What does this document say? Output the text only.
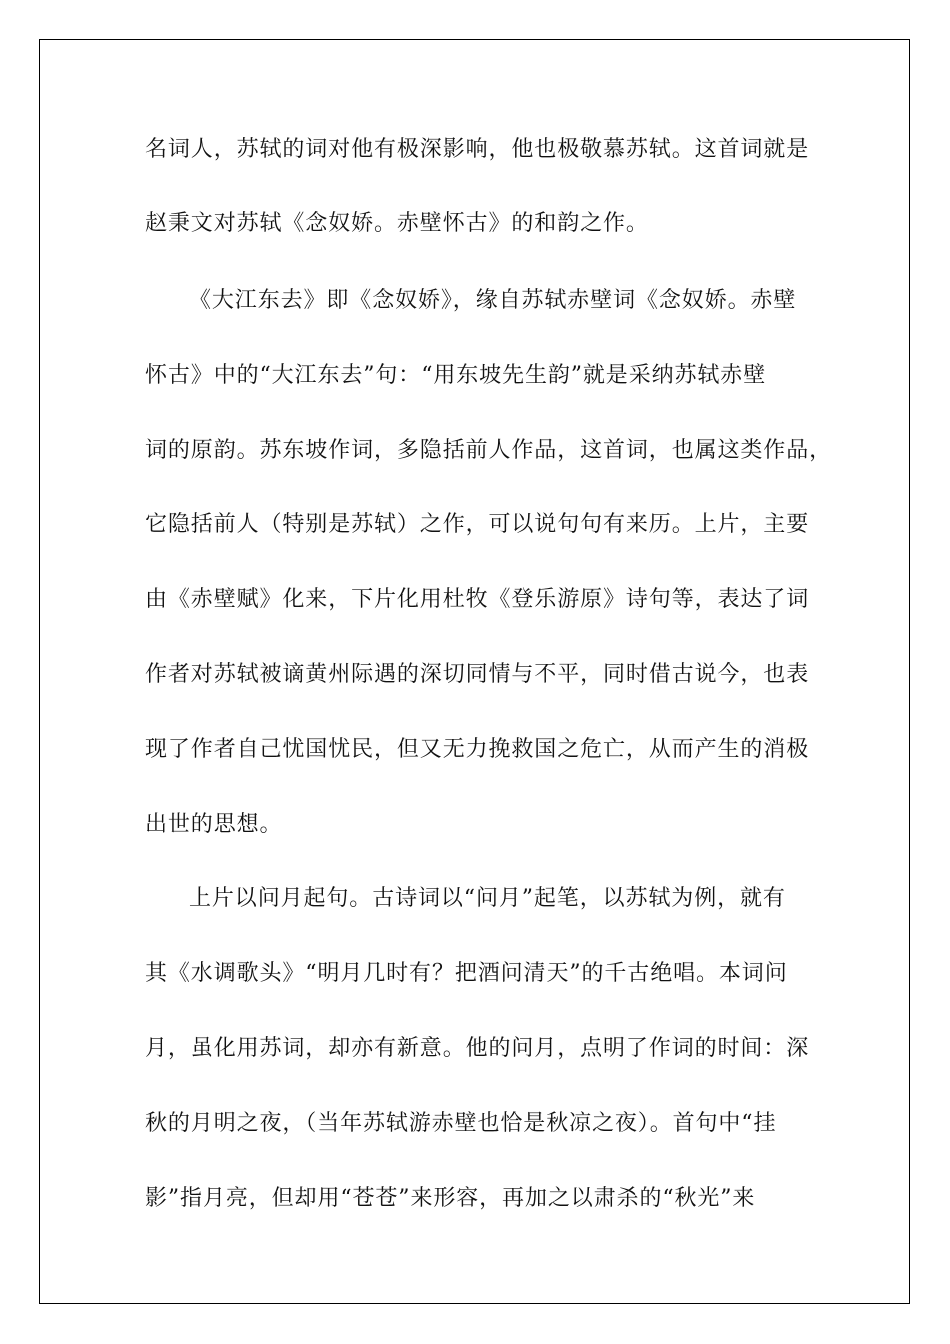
名词人，苏轼的词对他有极深影响，他也极敬慕苏轼。这首词就是
赵秉文对苏轼《念奴娇。赤壁怀古》的和韵之作。
《大江东去》即《念奴娇》，缘自苏轼赤壁词《念奴娇。赤壁
怀古》中的“大江东去”句：“用东坡先生韵”就是采纳苏轼赤壁
词的原韵。苏东坡作词，多隐括前人作品，这首词，也属这类作品，
它隐括前人（特别是苏轼）之作，可以说句句有来历。上片，主要
由《赤壁赋》化来，下片化用杜牧《登乐游原》诗句等，表达了词
作者对苏轼被谪黄州际遇的深切同情与不平，同时借古说今，也表
现了作者自己忧国忧民，但又无力挽救国之危亡，从而产生的消极
出世的思想。
上片以问月起句。古诗词以“问月”起笔，以苏轼为例，就有
其《水调歌头》“明月几时有？把酒问清天”的千古绝唱。本词问
月，虽化用苏词，却亦有新意。他的问月，点明了作词的时间：深
秋的月明之夜，（当年苏轼游赤壁也恰是秋凉之夜）。首句中“挂
影”指月亮，但却用“苍苍”来形容，再加之以肃杀的“秋光”来
